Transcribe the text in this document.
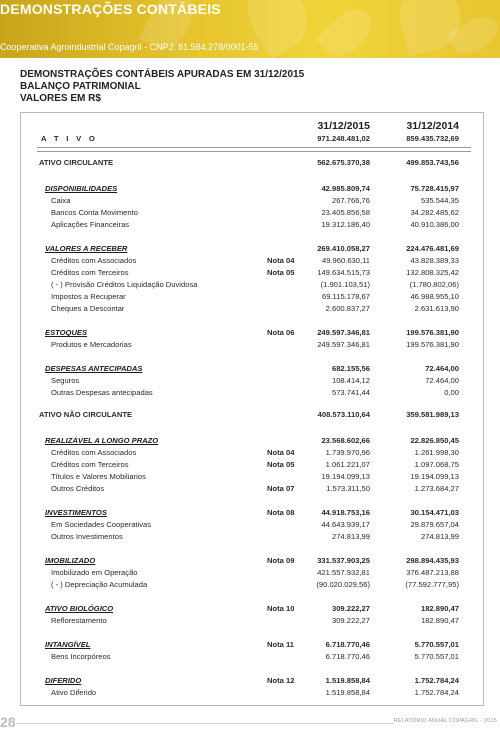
DEMONSTRAÇÕES CONTÁBEIS
Cooperativa Agroindustrial Copagril - CNPJ: 81.584.278/0001-55
DEMONSTRAÇÕES CONTÁBEIS APURADAS EM 31/12/2015
BALANÇO PATRIMONIAL
VALORES EM R$
31/12/2015	31/12/2014
A T I V O	971.248.481,02	859.435.732,69
ATIVO CIRCULANTE	562.675.370,38	499.853.743,56
DISPONIBILIDADES	42.985.809,74	75.728.415,97
Caixa	267.766,76	535.544,35
Bancos Conta Movimento	23.405.856,58	34.282.485,62
Aplicações Financeiras	19.312.186,40	40.910.386,00
VALORES A RECEBER	269.410.058,27	224.476.481,69
Créditos com Associados	Nota 04	49.960.630,11	43.828.389,33
Créditos com Terceiros	Nota 05	149.634.515,73	132.808.325,42
( - ) Provisão Créditos Liquidação Duvidosa	(1.901.103,51)	(1.780.802,06)
Impostos a Recuperar	69.115.178,67	46.988.955,10
Cheques a Descontar	2.600.837,27	2.631.613,90
ESTOQUES	Nota 06	249.597.346,81	199.576.381,90
Produtos e Mercadorias	249.597.346,81	199.576.381,90
DESPESAS ANTECIPADAS	682.155,56	72.464,00
Seguros	108.414,12	72.464,00
Outras Despesas antecipadas	573.741,44	0,00
ATIVO NÃO CIRCULANTE	408.573.110,64	359.581.989,13
REALIZÁVEL A LONGO PRAZO	23.568.602,66	22.826.850,45
Créditos com Associados	Nota 04	1.739.970,96	1.261.998,30
Créditos com Terceiros	Nota 05	1.061.221,07	1.097.068,75
Títulos e Valores Mobiliarios	19.194.099,13	19.194.099,13
Outros Créditos	Nota 07	1.573.311,50	1.273.684,27
INVESTIMENTOS	Nota 08	44.918.753,16	30.154.471,03
Em Sociedades Cooperativas	44.643.939,17	29.879.657,04
Outros Investimentos	274.813,99	274.813,99
IMOBILIZADO	Nota 09	331.537.903,25	298.894.435,93
Imobilizado em Operação	421.557.932,81	376.487.213,88
( - ) Depreciação Acumulada	(90.020.029,56)	(77.592.777,95)
ATIVO BIOLÓGICO	Nota 10	309.222,27	182.890,47
Reflorestamento	309.222,27	182.890,47
INTANGÍVEL	Nota 11	6.718.770,46	5.770.557,01
Bens Incorpóreos	6.718.770,46	5.770.557,01
DIFERIDO	Nota 12	1.519.858,84	1.752.784,24
Ativo Diferido	1.519.858,84	1.752.784,24
28	RELATÓRIO ANUAL COPAGRIL - 2015
